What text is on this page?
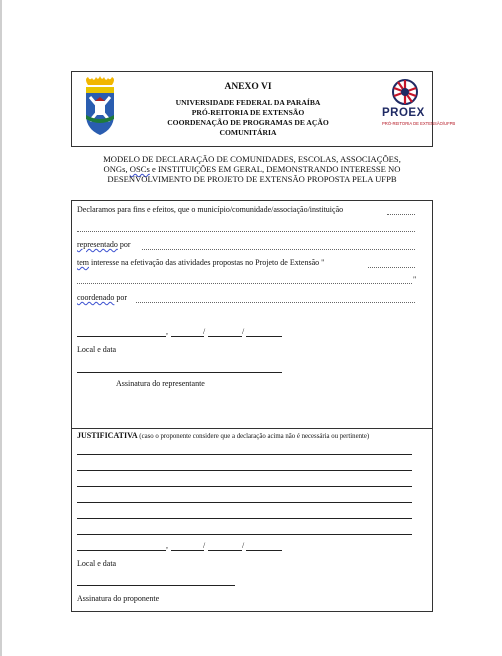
ANEXO VI
UNIVERSIDADE FEDERAL DA PARAÍBA
PRÓ-REITORIA DE EXTENSÃO
COORDENAÇÃO DE PROGRAMAS DE AÇÃO
COMUNITÁRIA
PROEX
PRÓ-REITORIA DE EXTENSÃO/UFPB
MODELO DE DECLARAÇÃO DE COMUNIDADES, ESCOLAS, ASSOCIAÇÕES,
ONGs, OSCs e INSTITUIÇÕES EM GERAL, DEMONSTRANDO INTERESSE NO
DESENVOLVIMENTO DE PROJETO DE EXTENSÃO PROPOSTA PELA UFPB
Declaramos para fins e efeitos, que o município/comunidade/associação/instituição
representado por
tem interesse na efetivação das atividades propostas no Projeto de Extensão "
"
coordenado por
,	/	/
Local e data
Assinatura do representante
JUSTIFICATIVA (caso o proponente considere que a declaração acima não é necessária ou pertinente)
,	/	/
Local e data
Assinatura do proponente
